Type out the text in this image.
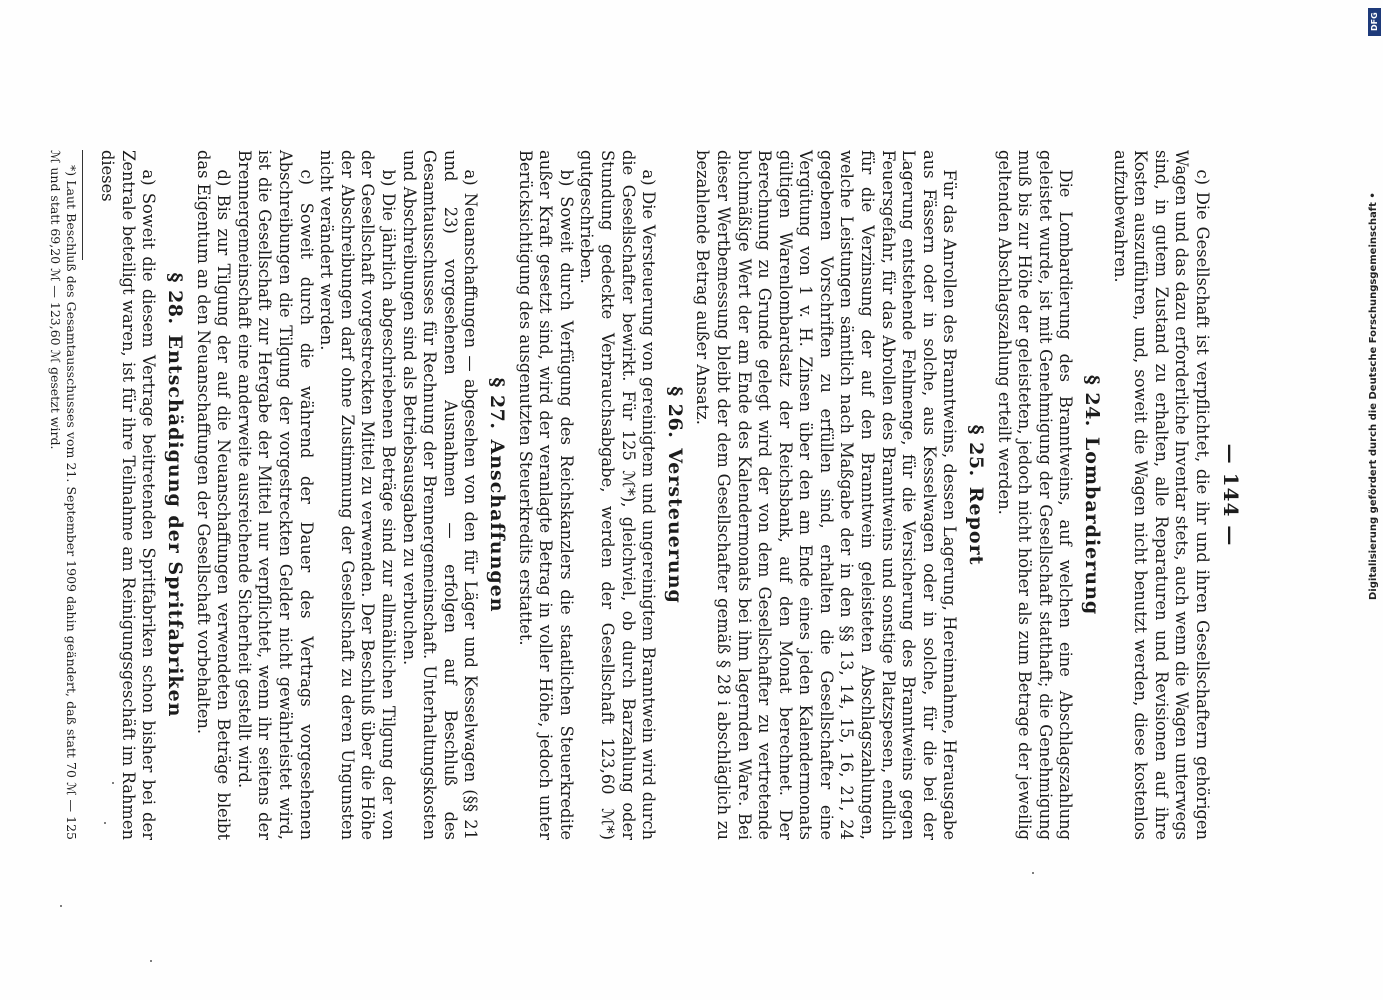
— 144 —

c) Die Gesellschaft ist verpflichtet, die ihr und ihren Gesellschaftern gehörigen Wagen und das dazu erforderliche Inventar stets, auch wenn die Wagen unterwegs sind, in gutem Zustand zu erhalten, alle Reparaturen und Revisionen auf ihre Kosten auszuführen, und, soweit die Wagen nicht benutzt werden, diese kostenlos aufzubewahren.

§ 24.Lombardierung

Die Lombardierung des Branntweins, auf welchen eine Abschlagszahlung geleistet wurde, ist mit Genehmigung der Gesellschaft statthaft; die Genehmigung muß bis zur Höhe der geleisteten, jedoch nicht höher als zum Betrage der jeweilig geltenden Abschlagszahlung erteilt werden.

§ 25.Report

Für das Anrollen des Branntweins, dessen Lagerung, Hereinnahme, Herausgabe aus Fässern oder in solche, aus Kesselwagen oder in solche, für die bei der Lagerung entstehende Fehlmenge, für die Versicherung des Branntweins gegen Feuersgefahr, für das Abrollen des Branntweins und sonstige Platzspesen, endlich für die Verzinsung der auf den Branntwein geleisteten Abschlagszahlungen, welche Leistungen sämtlich nach Maßgabe der in den §§ 13, 14, 15, 16, 21, 24 gegebenen Vorschriften zu erfüllen sind, erhalten die Gesellschafter eine Vergütung von 1 v. H. Zinsen über den am Ende eines jeden Kalendermonats gültigen Warenlombardsatz der Reichsbank, auf den Monat berechnet. Der Berechnung zu Grunde gelegt wird der von dem Gesellschafter zu vertretende buchmäßige Wert der am Ende des Kalendermonats bei ihm lagernden Ware. Bei dieser Wertbemessung bleibt der dem Gesellschafter gemäß § 28 i abschläglich zu bezahlende Betrag außer Ansatz.

§ 26.Versteuerung

a) Die Versteuerung von gereinigtem und ungereinigtem Branntwein wird durch die Gesellschafter bewirkt. Für 125 ℳ*), gleichviel, ob durch Barzahlung oder Stundung gedeckte Verbrauchsabgabe, werden der Gesellschaft 123,60 ℳ*) gutgeschrieben.

b) Soweit durch Verfügung des Reichskanzlers die staatlichen Steuerkredite außer Kraft gesetzt sind, wird der veranlagte Betrag in voller Höhe, jedoch unter Berücksichtigung des ausgenutzten Steuerkredits erstattet.

§ 27.Anschaffungen

a) Neuanschaffungen — abgesehen von den für Läger und Kesselwagen (§§ 21 und 23) vorgesehenen Ausnahmen — erfolgen auf Beschluß des Gesamtausschusses für Rechnung der Brennergemeinschaft. Unterhaltungskosten und Abschreibungen sind als Betriebsausgaben zu verbuchen.

b) Die jährlich abgeschriebenen Beträge sind zur allmählichen Tilgung der von der Gesellschaft vorgestreckten Mittel zu verwenden. Der Beschluß über die Höhe der Abschreibungen darf ohne Zustimmung der Gesellschaft zu deren Ungunsten nicht verändert werden.

c) Soweit durch die während der Dauer des Vertrags vorgesehenen Abschreibungen die Tilgung der vorgestreckten Gelder nicht gewährleistet wird, ist die Gesellschaft zur Hergabe der Mittel nur verpflichtet, wenn ihr seitens der Brennergemeinschaft eine anderweite ausreichende Sicherheit gestellt wird.

d) Bis zur Tilgung der auf die Neuanschaffungen verwendeten Beträge bleibt das Eigentum an den Neuanschaffungen der Gesellschaft vorbehalten.

§ 28.Entschädigung der Spritfabriken

a) Soweit die diesem Vertrage beitretenden Spritfabriken schon bisher bei der Zentrale beteiligt waren, ist für ihre Teilnahme am Reinigungsgeschäft im Rahmen dieses

*) Laut Beschluß des Gesamtausschusses vom 21. September 1909 dahin geändert, daß statt 70 ℳ — 125 ℳ und statt 69,20 ℳ — 123,60 ℳ gesetzt wird.
DFG
Digitalisierung gefördert durch die Deutsche Forschungsgemeinschaft •
